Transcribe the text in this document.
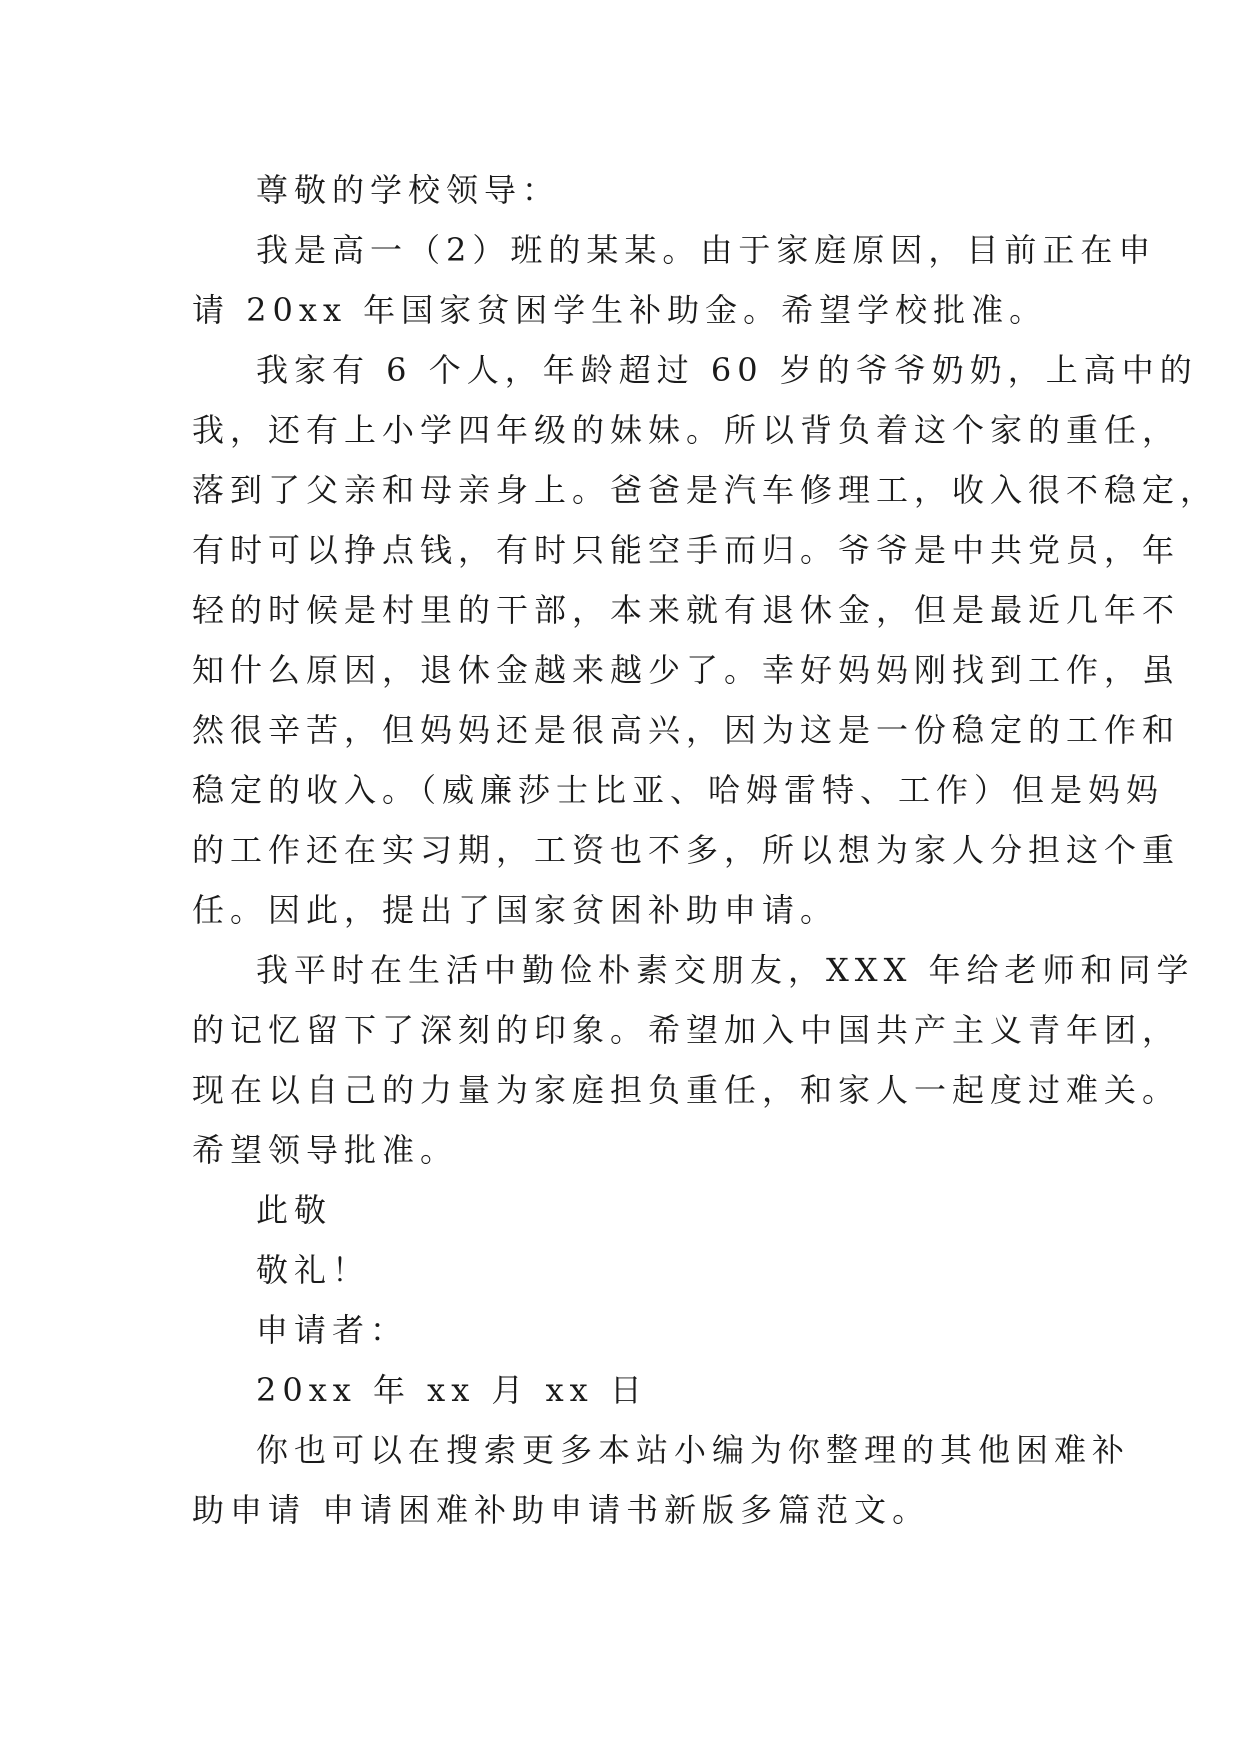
尊敬的学校领导：

我是高一（2）班的某某。由于家庭原因，目前正在申

请 20xx 年国家贫困学生补助金。希望学校批准。

我家有 6 个人，年龄超过 60 岁的爷爷奶奶，上高中的

我，还有上小学四年级的妹妹。所以背负着这个家的重任，

落到了父亲和母亲身上。爸爸是汽车修理工，收入很不稳定，

有时可以挣点钱，有时只能空手而归。爷爷是中共党员，年

轻的时候是村里的干部，本来就有退休金，但是最近几年不

知什么原因，退休金越来越少了。幸好妈妈刚找到工作，虽

然很辛苦，但妈妈还是很高兴，因为这是一份稳定的工作和

稳定的收入。（威廉莎士比亚、哈姆雷特、工作）但是妈妈

的工作还在实习期，工资也不多，所以想为家人分担这个重

任。因此，提出了国家贫困补助申请。

我平时在生活中勤俭朴素交朋友，XXX 年给老师和同学

的记忆留下了深刻的印象。希望加入中国共产主义青年团，

现在以自己的力量为家庭担负重任，和家人一起度过难关。

希望领导批准。

此敬

敬礼！

申请者：

20xx 年 xx 月 xx 日

你也可以在搜索更多本站小编为你整理的其他困难补

助申请 申请困难补助申请书新版多篇范文。
